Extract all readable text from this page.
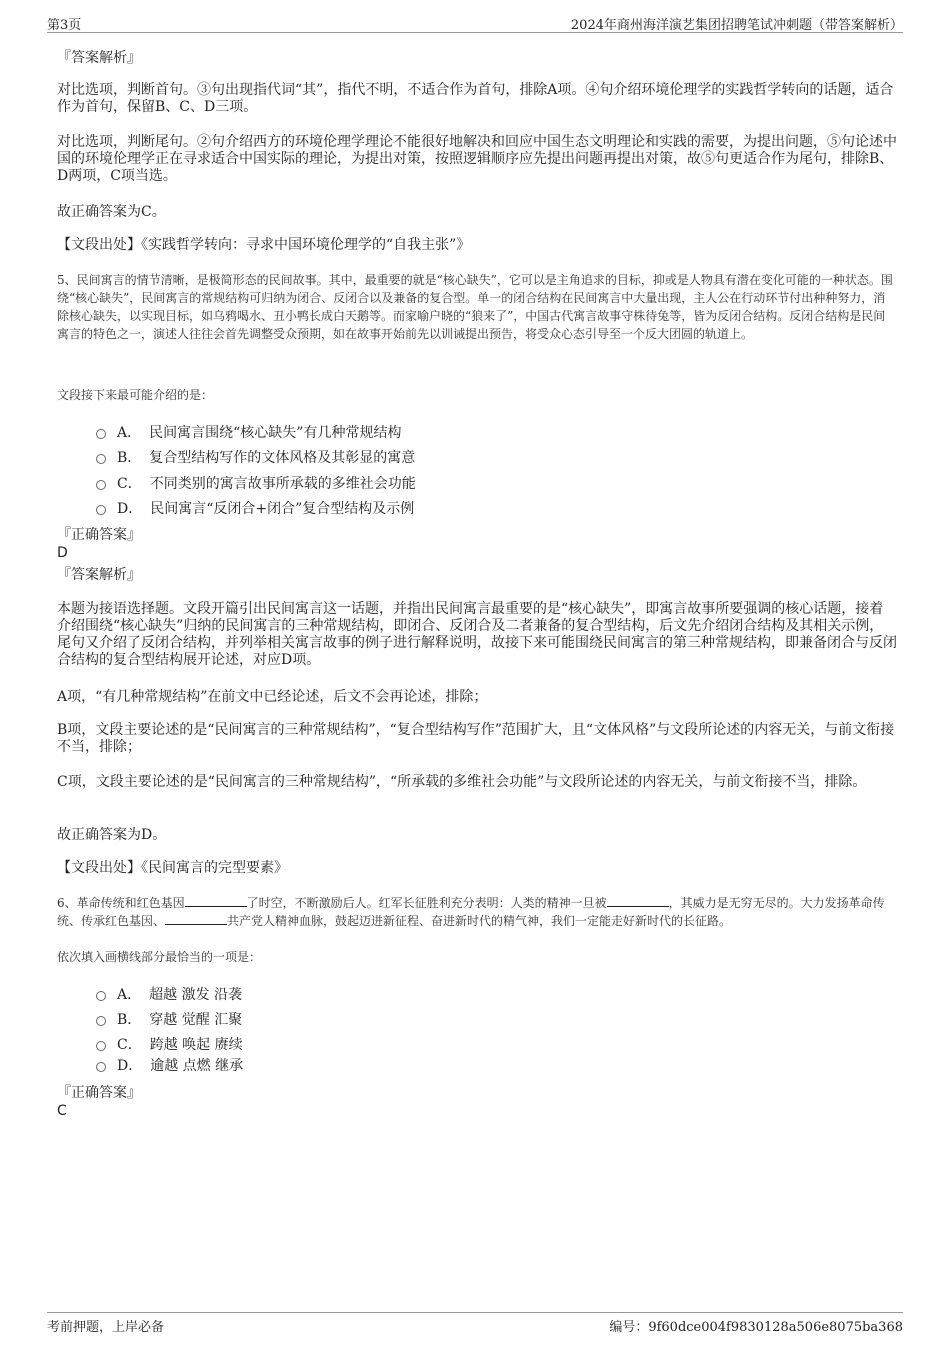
第3页	2024年商州海洋演艺集团招聘笔试冲刺题（带答案解析）
『答案解析』
对比选项，判断首句。③句出现指代词“其”，指代不明，不适合作为首句，排除A项。④句介绍环境伦理学的实践哲学转向的话题，适合作为首句，保留B、C、D三项。
对比选项，判断尾句。②句介绍西方的环境伦理学理论不能很好地解决和回应中国生态文明理论和实践的需要，为提出问题，⑤句论述中国的环境伦理学正在寻求适合中国实际的理论，为提出对策，按照逻辑顺序应先提出问题再提出对策，故⑤句更适合作为尾句，排除B、D两项，C项当选。
故正确答案为C。
【文段出处】《实践哲学转向：寻求中国环境伦理学的“自我主张”》
5、民间寓言的情节清晰，是极简形态的民间故事。其中，最重要的就是“核心缺失”，它可以是主角追求的目标，抑或是人物具有潜在变化可能的一种状态。围绕“核心缺失”，民间寓言的常规结构可归纳为闭合、反闭合以及兼备的复合型。单一的闭合结构在民间寓言中大量出现，主人公在行动环节付出种种努力，消除核心缺失，以实现目标，如乌鸦喝水、丑小鸭长成白天鹅等。而家喻户晓的“狼来了”，中国古代寓言故事守株待兔等，皆为反闭合结构。反闭合结构是民间寓言的特色之一，演述人往往会首先调整受众预期，如在故事开始前先以训诫提出预告，将受众心态引导至一个反大团圆的轨道上。
文段接下来最可能介绍的是：
A． 民间寓言围绕“核心缺失”有几种常规结构
B． 复合型结构写作的文体风格及其彰显的寓意
C． 不同类别的寓言故事所承载的多维社会功能
D． 民间寓言“反闭合+闭合”复合型结构及示例
『正确答案』
D
『答案解析』
本题为接语选择题。文段开篇引出民间寓言这一话题，并指出民间寓言最重要的是“核心缺失”，即寓言故事所要强调的核心话题，接着介绍围绕“核心缺失”归纳的民间寓言的三种常规结构，即闭合、反闭合及二者兼备的复合型结构，后文先介绍闭合结构及其相关示例，尾句又介绍了反闭合结构，并列举相关寓言故事的例子进行解释说明，故接下来可能围绕民间寓言的第三种常规结构，即兼备闭合与反闭合结构的复合型结构展开论述，对应D项。
A项，“有几种常规结构”在前文中已经论述，后文不会再论述，排除；
B项，文段主要论述的是“民间寓言的三种常规结构”，“复合型结构写作”范围扩大，且“文体风格”与文段所论述的内容无关，与前文衔接不当，排除；
C项，文段主要论述的是“民间寓言的三种常规结构”，“所承载的多维社会功能”与文段所论述的内容无关，与前文衔接不当，排除。
故正确答案为D。
【文段出处】《民间寓言的完型要素》
6、革命传统和红色基因	了时空，不断激励后人。红军长征胜利充分表明：人类的精神一旦被	，其威力是无穷无尽的。大力发扬革命传统、传承红色基因、	共产党人精神血脉，鼓起迈进新征程、奋进新时代的精气神，我们一定能走好新时代的长征路。
依次填入画横线部分最恰当的一项是：
A． 超越 激发 沿袭
B． 穿越 觉醒 汇聚
C． 跨越 唤起 赓续
D． 逾越 点燃 继承
『正确答案』
C
考前押题，上岸必备	编号：9f60dce004f9830128a506e8075ba368
